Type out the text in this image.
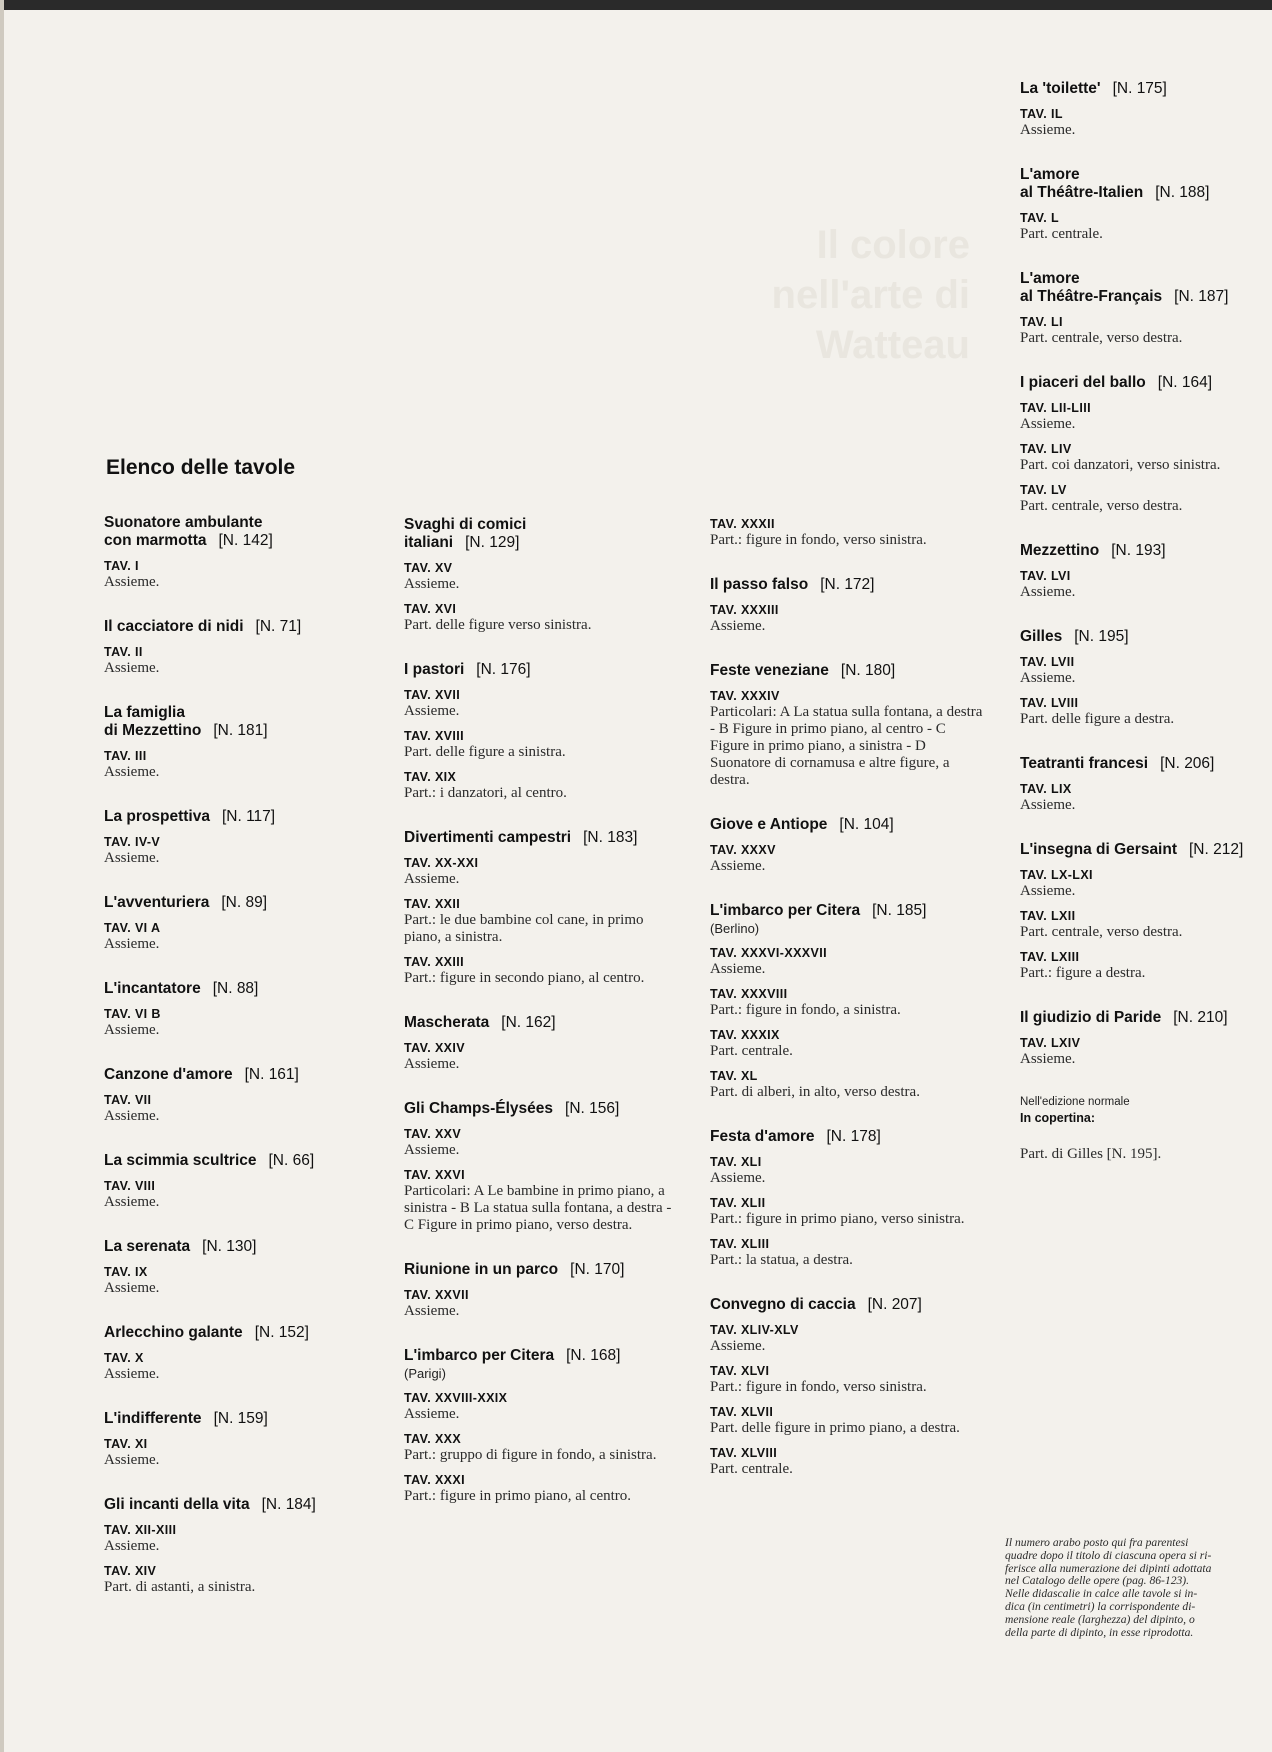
Il colore
nell'arte di
Watteau
Elenco delle tavole
Suonatore ambulante
con marmotta [N. 142]
TAV. I
Assieme.
Il cacciatore di nidi [N. 71]
TAV. II
Assieme.
La famiglia
di Mezzettino [N. 181]
TAV. III
Assieme.
La prospettiva [N. 117]
TAV. IV-V
Assieme.
L'avventuriera [N. 89]
TAV. VI A
Assieme.
L'incantatore [N. 88]
TAV. VI B
Assieme.
Canzone d'amore [N. 161]
TAV. VII
Assieme.
La scimmia scultrice [N. 66]
TAV. VIII
Assieme.
La serenata [N. 130]
TAV. IX
Assieme.
Arlecchino galante [N. 152]
TAV. X
Assieme.
L'indifferente [N. 159]
TAV. XI
Assieme.
Gli incanti della vita [N. 184]
TAV. XII-XIII
Assieme.
TAV. XIV
Part. di astanti, a sinistra.
Svaghi di comici
italiani [N. 129]
TAV. XV
Assieme.
TAV. XVI
Part. delle figure verso sinistra.
I pastori [N. 176]
TAV. XVII
Assieme.
TAV. XVIII
Part. delle figure a sinistra.
TAV. XIX
Part.: i danzatori, al centro.
Divertimenti campestri [N. 183]
TAV. XX-XXI
Assieme.
TAV. XXII
Part.: le due bambine col cane, in primo piano, a sinistra.
TAV. XXIII
Part.: figure in secondo piano, al centro.
Mascherata [N. 162]
TAV. XXIV
Assieme.
Gli Champs-Élysées [N. 156]
TAV. XXV
Assieme.
TAV. XXVI
Particolari: A Le bambine in primo piano, a sinistra - B La statua sulla fontana, a destra - C Figure in primo piano, verso destra.
Riunione in un parco [N. 170]
TAV. XXVII
Assieme.
L'imbarco per Citera [N. 168]
(Parigi)
TAV. XXVIII-XXIX
Assieme.
TAV. XXX
Part.: gruppo di figure in fondo, a sinistra.
TAV. XXXI
Part.: figure in primo piano, al centro.
TAV. XXXII
Part.: figure in fondo, verso sinistra.
Il passo falso [N. 172]
TAV. XXXIII
Assieme.
Feste veneziane [N. 180]
TAV. XXXIV
Particolari: A La statua sulla fontana, a destra - B Figure in primo piano, al centro - C Figure in primo piano, a sinistra - D Suonatore di cornamusa e altre figure, a destra.
Giove e Antiope [N. 104]
TAV. XXXV
Assieme.
L'imbarco per Citera [N. 185]
(Berlino)
TAV. XXXVI-XXXVII
Assieme.
TAV. XXXVIII
Part.: figure in fondo, a sinistra.
TAV. XXXIX
Part. centrale.
TAV. XL
Part. di alberi, in alto, verso destra.
Festa d'amore [N. 178]
TAV. XLI
Assieme.
TAV. XLII
Part.: figure in primo piano, verso sinistra.
TAV. XLIII
Part.: la statua, a destra.
Convegno di caccia [N. 207]
TAV. XLIV-XLV
Assieme.
TAV. XLVI
Part.: figure in fondo, verso sinistra.
TAV. XLVII
Part. delle figure in primo piano, a destra.
TAV. XLVIII
Part. centrale.
La 'toilette' [N. 175]
TAV. IL
Assieme.
L'amore
al Théâtre-Italien [N. 188]
TAV. L
Part. centrale.
L'amore
al Théâtre-Français [N. 187]
TAV. LI
Part. centrale, verso destra.
I piaceri del ballo [N. 164]
TAV. LII-LIII
Assieme.
TAV. LIV
Part. coi danzatori, verso sinistra.
TAV. LV
Part. centrale, verso destra.
Mezzettino [N. 193]
TAV. LVI
Assieme.
Gilles [N. 195]
TAV. LVII
Assieme.
TAV. LVIII
Part. delle figure a destra.
Teatranti francesi [N. 206]
TAV. LIX
Assieme.
L'insegna di Gersaint [N. 212]
TAV. LX-LXI
Assieme.
TAV. LXII
Part. centrale, verso destra.
TAV. LXIII
Part.: figure a destra.
Il giudizio di Paride [N. 210]
TAV. LXIV
Assieme.
Nell'edizione normale
In copertina:
Part. di Gilles [N. 195].
Il numero arabo posto qui fra parentesi
quadre dopo il titolo di ciascuna opera si ri-
ferisce alla numerazione dei dipinti adottata
nel Catalogo delle opere (pag. 86-123).
Nelle didascalie in calce alle tavole si in-
dica (in centimetri) la corrispondente di-
mensione reale (larghezza) del dipinto, o
della parte di dipinto, in esse riprodotta.
